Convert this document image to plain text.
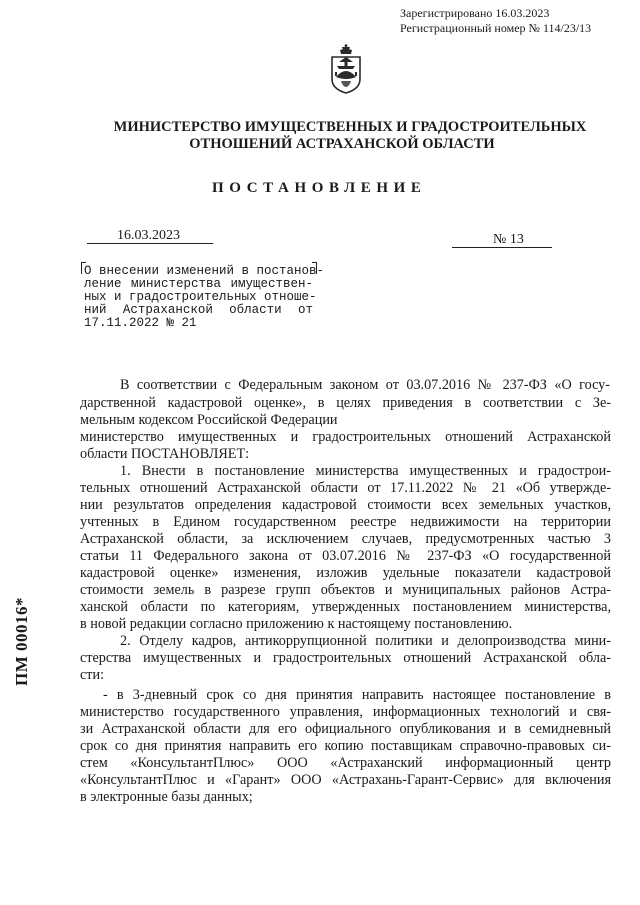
Зарегистрировано 16.03.2023
Регистрационный номер № 114/23/13
МИНИСТЕРСТВО ИМУЩЕСТВЕННЫХ И ГРАДОСТРОИТЕЛЬНЫХ
ОТНОШЕНИЙ АСТРАХАНСКОЙ ОБЛАСТИ
ПОСТАНОВЛЕНИЕ
16.03.2023	№ 13
О внесении изменений в постанов-
ление министерства имуществен-
ных и градостроительных отноше-
ний Астраханской области от
17.11.2022 № 21
В соответствии с Федеральным законом от 03.07.2016 № 237-ФЗ «О госу-
дарственной кадастровой оценке», в целях приведения в соответствии с Зе-
мельным кодексом Российской Федерации
министерство имущественных и градостроительных отношений Астраханской
области ПОСТАНОВЛЯЕТ:
1. Внести в постановление министерства имущественных и градострои-
тельных отношений Астраханской области от 17.11.2022 № 21 «Об утвержде-
нии результатов определения кадастровой стоимости всех земельных участков,
учтенных в Едином государственном реестре недвижимости на территории
Астраханской области, за исключением случаев, предусмотренных частью 3
статьи 11 Федерального закона от 03.07.2016 № 237-ФЗ «О государственной
кадастровой оценке» изменения, изложив удельные показатели кадастровой
стоимости земель в разрезе групп объектов и муниципальных районов Астра-
ханской области по категориям, утвержденных постановлением министерства,
в новой редакции согласно приложению к настоящему постановлению.
2. Отделу кадров, антикоррупционной политики и делопроизводства мини-
стерства имущественных и градостроительных отношений Астраханской обла-
сти:
- в 3-дневный срок со дня принятия направить настоящее постановление в
министерство государственного управления, информационных технологий и свя-
зи Астраханской области для его официального опубликования и в семидневный
срок со дня принятия направить его копию поставщикам справочно-правовых си-
стем «КонсультантПлюс» ООО «Астраханский информационный центр
«КонсультантПлюс и «Гарант» ООО «Астрахань-Гарант-Сервис» для включения
в электронные базы данных;
ПМ 00016*
